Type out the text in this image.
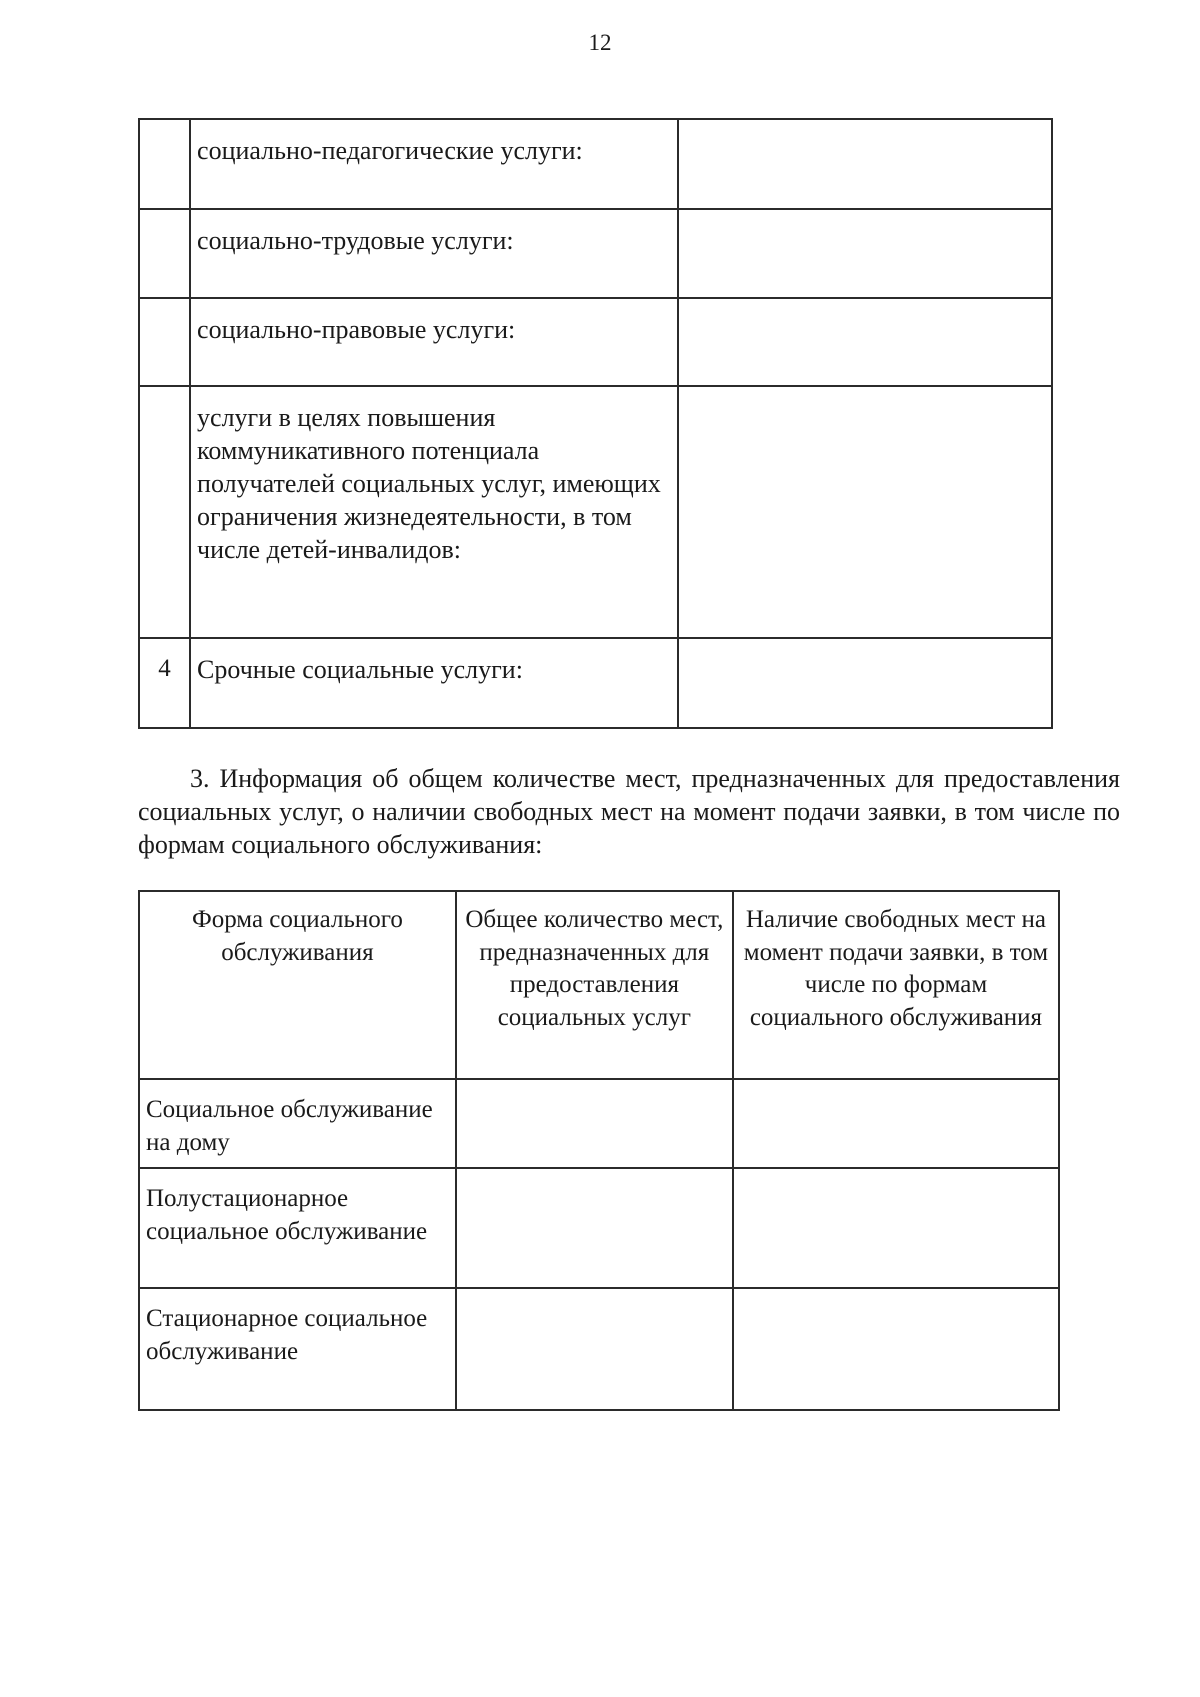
12
	социально-педагогические услуги:	
	социально-трудовые услуги:	
	социально-правовые услуги:	
	услуги в целях повышения коммуникативного потенциала получателей социальных услуг, имеющих ограничения жизнедеятельности, в том числе детей-инвалидов:	
4	Срочные социальные услуги:	

3. Информация об общем количестве мест, предназначенных для предоставления социальных услуг, о наличии свободных мест на момент подачи заявки, в том числе по формам социального обслуживания:

Форма социального обслуживания	Общее количество мест, предназначенных для предоставления социальных услуг	Наличие свободных мест на момент подачи заявки, в том числе по формам социального обслуживания
Социальное обслуживание на дому		
Полустационарное социальное обслуживание		
Стационарное социальное обслуживание		
